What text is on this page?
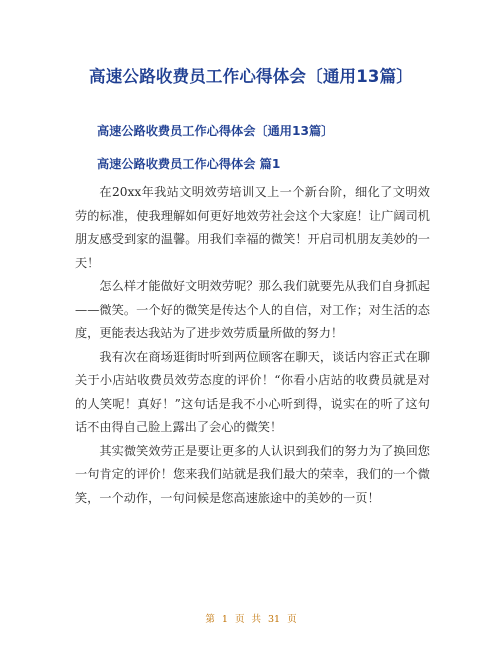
高速公路收费员工作心得体会〔通用13篇〕
高速公路收费员工作心得体会〔通用13篇〕
高速公路收费员工作心得体会 篇1

在20xx年我站文明效劳培训又上一个新台阶，细化了文明效劳的标准，使我理解如何更好地效劳社会这个大家庭！让广阔司机朋友感受到家的温馨。用我们幸福的微笑！开启司机朋友美妙的一天！

怎么样才能做好文明效劳呢？那么我们就要先从我们自身抓起——微笑。一个好的微笑是传达个人的自信，对工作；对生活的态度，更能表达我站为了进步效劳质量所做的努力！

我有次在商场逛街时听到两位顾客在聊天，谈话内容正式在聊关于小店站收费员效劳态度的评价！“你看小店站的收费员就是对的人笑呢！真好！”这句话是我不小心听到得，说实在的听了这句话不由得自己脸上露出了会心的微笑！

其实微笑效劳正是要让更多的人认识到我们的努力为了换回您一句肯定的评价！您来我们站就是我们最大的荣幸，我们的一个微笑，一个动作，一句问候是您高速旅途中的美妙的一页！

第 1 页 共 31 页
